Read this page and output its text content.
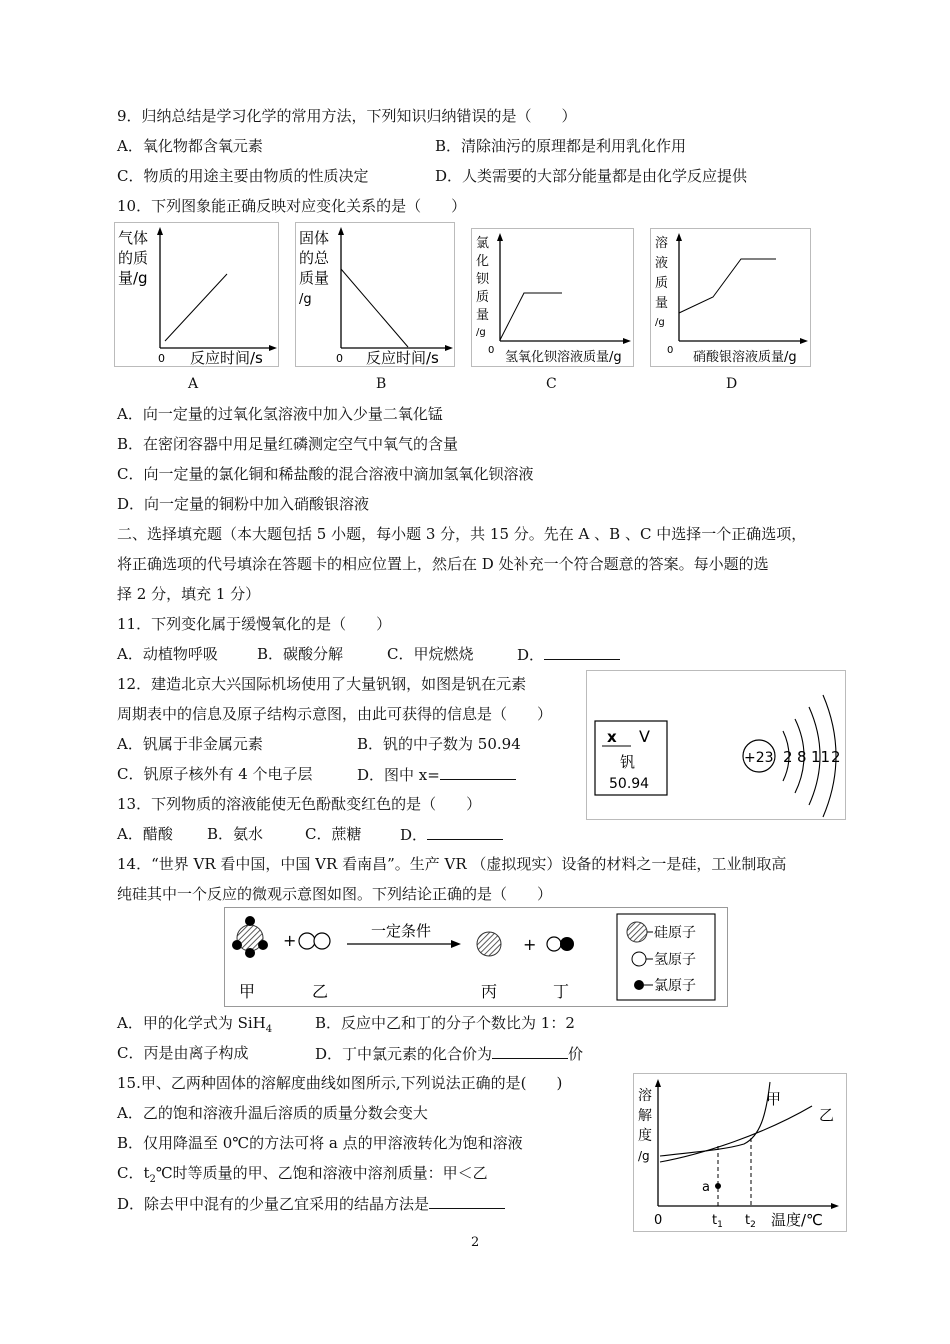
9．归纳总结是学习化学的常用方法，下列知识归纳错误的是（　　）
A．氧化物都含氧元素	B．清除油污的原理都是利用乳化作用
C．物质的用途主要由物质的性质决定	D．人类需要的大部分能量都是由化学反应提供
10．下列图象能正确反映对应变化关系的是（　　）
气体
的质
量/g
0 反应时间/s
A
固体
的总
质量
/g
0 反应时间/s
B
氯
化
钡
质
量
/g
0 氢氧化钡溶液质量/g
C
溶
液
质
量
/g
0 硝酸银溶液质量/g
D
A．向一定量的过氧化氢溶液中加入少量二氧化锰
B．在密闭容器中用足量红磷测定空气中氧气的含量
C．向一定量的氯化铜和稀盐酸的混合溶液中滴加氢氧化钡溶液
D．向一定量的铜粉中加入硝酸银溶液
二、选择填充题（本大题包括 5 小题，每小题 3 分，共 15 分。先在 A 、B 、C 中选择一个正确选项，
将正确选项的代号填涂在答题卡的相应位置上，然后在 D 处补充一个符合题意的答案。每小题的选
择 2 分，填充 1 分）
11．下列变化属于缓慢氧化的是（　　）
A．动植物呼吸	B．碳酸分解	C．甲烷燃烧	D．
12．建造北京大兴国际机场使用了大量钒钢，如图是钒在元素
周期表中的信息及原子结构示意图，由此可获得的信息是（　　）
A．钒属于非金属元素	B．钒的中子数为 50.94
C．钒原子核外有 4 个电子层	D．图中 x=
x V
钒
50.94
+23 2 8 11 2
13．下列物质的溶液能使无色酚酞变红色的是（　　）
A．醋酸 B．氨水	C．蔗糖	D．
14．“世界 VR 看中国，中国 VR 看南昌”。生产 VR （虚拟现实）设备的材料之一是硅，工业制取高
纯硅其中一个反应的微观示意图如图。下列结论正确的是（　　）
+	一定条件
+
甲	乙	丙	丁
硅原子
氢原子
氯原子
A．甲的化学式为 SiH$_4$	B．反应中乙和丁的分子个数比为 1：2
C．丙是由离子构成	D．丁中氯元素的化合价为	价
15.甲、乙两种固体的溶解度曲线如图所示,下列说法正确的是(　　)
A．乙的饱和溶液升温后溶质的质量分数会变大
B．仅用降温至 0℃的方法可将 a 点的甲溶液转化为饱和溶液
C．$t_2℃$时等质量的甲、乙饱和溶液中溶剂质量：甲＜乙
D．除去甲中混有的少量乙宜采用的结晶方法是
a
甲
乙
溶
解
度
/g
0	$t_1$ $t_2$ 温度/℃
2
